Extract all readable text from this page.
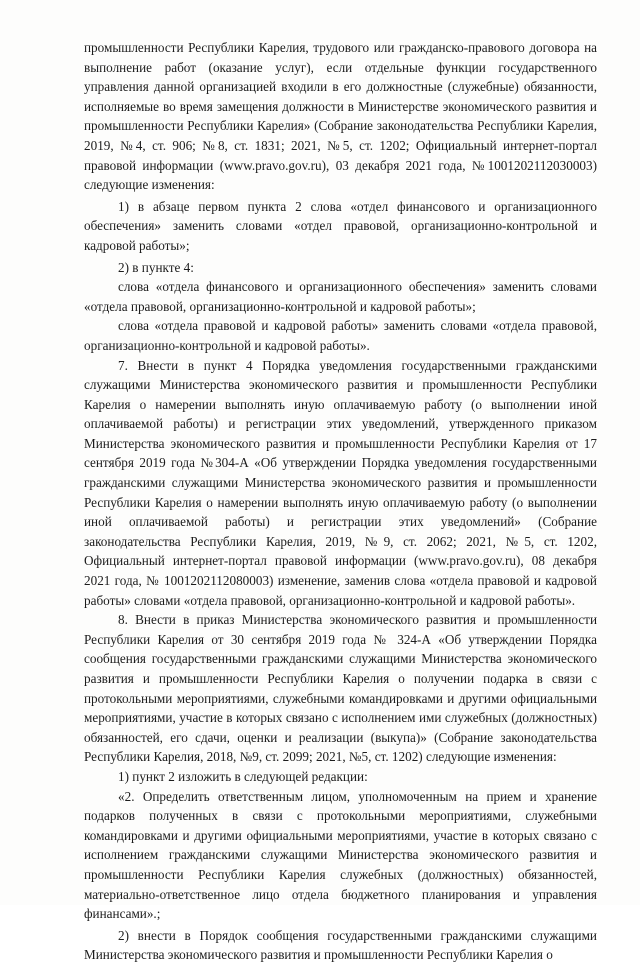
промышленности Республики Карелия, трудового или гражданско-правового договора на выполнение работ (оказание услуг), если отдельные функции государственного управления данной организацией входили в его должностные (служебные) обязанности, исполняемые во время замещения должности в Министерстве экономического развития и промышленности Республики Карелия» (Собрание законодательства Республики Карелия, 2019, №4, ст. 906; №8, ст. 1831; 2021, №5, ст. 1202; Официальный интернет-портал правовой информации (www.pravo.gov.ru), 03 декабря 2021 года, №1001202112030003) следующие изменения:

1) в абзаце первом пункта 2 слова «отдел финансового и организационного обеспечения» заменить словами «отдел правовой, организационно-контрольной и кадровой работы»;

2) в пункте 4:

слова «отдела финансового и организационного обеспечения» заменить словами «отдела правовой, организационно-контрольной и кадровой работы»;

слова «отдела правовой и кадровой работы» заменить словами «отдела правовой, организационно-контрольной и кадровой работы».

7. Внести в пункт 4 Порядка уведомления государственными гражданскими служащими Министерства экономического развития и промышленности Республики Карелия о намерении выполнять иную оплачиваемую работу (о выполнении иной оплачиваемой работы) и регистрации этих уведомлений, утвержденного приказом Министерства экономического развития и промышленности Республики Карелия от 17 сентября 2019 года №304-А «Об утверждении Порядка уведомления государственными гражданскими служащими Министерства экономического развития и промышленности Республики Карелия о намерении выполнять иную оплачиваемую работу (о выполнении иной оплачиваемой работы) и регистрации этих уведомлений» (Собрание законодательства Республики Карелия, 2019, №9, ст. 2062; 2021, №5, ст. 1202, Официальный интернет-портал правовой информации (www.pravo.gov.ru), 08 декабря 2021 года, № 1001202112080003) изменение, заменив слова «отдела правовой и кадровой работы» словами «отдела правовой, организационно-контрольной и кадровой работы».

8. Внести в приказ Министерства экономического развития и промышленности Республики Карелия от 30 сентября 2019 года № 324-А «Об утверждении Порядка сообщения государственными гражданскими служащими Министерства экономического развития и промышленности Республики Карелия о получении подарка в связи с протокольными мероприятиями, служебными командировками и другими официальными мероприятиями, участие в которых связано с исполнением ими служебных (должностных) обязанностей, его сдачи, оценки и реализации (выкупа)» (Собрание законодательства Республики Карелия, 2018, №9, ст. 2099; 2021, №5, ст. 1202) следующие изменения:

1) пункт 2 изложить в следующей редакции:

«2. Определить ответственным лицом, уполномоченным на прием и хранение подарков полученных в связи с протокольными мероприятиями, служебными командировками и другими официальными мероприятиями, участие в которых связано с исполнением гражданскими служащими Министерства экономического развития и промышленности Республики Карелия служебных (должностных) обязанностей, материально-ответственное лицо отдела бюджетного планирования и управления финансами».;

2) внести в Порядок сообщения государственными гражданскими служащими Министерства экономического развития и промышленности Республики Карелия о
